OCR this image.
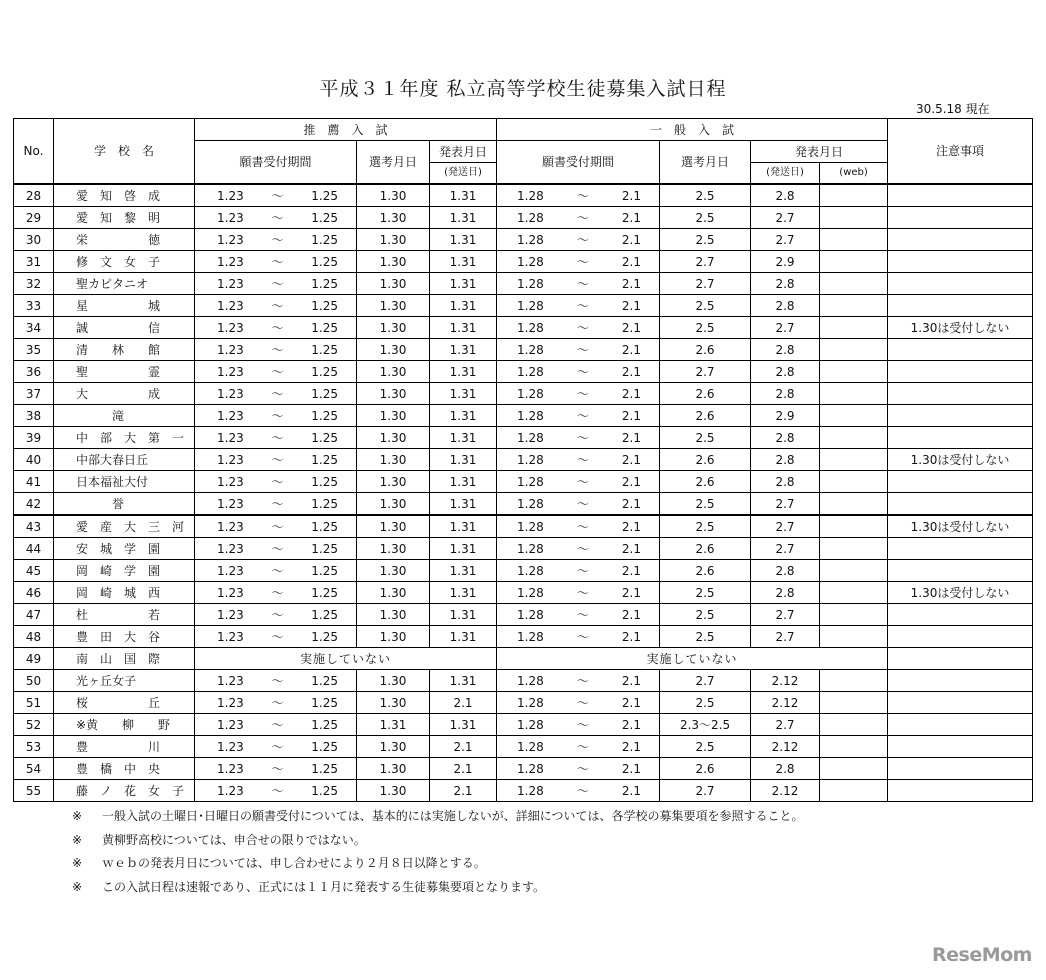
平成３１年度 私立高等学校生徒募集入試日程
30.5.18 現在
No.	学　校　名	推　薦　入　試			一　般　入　試				注意事項
		願書受付期間	選考月日	発表月日	願書受付期間	選考月日	発表月日		
				(発送日)			(発送日)	(web)	
28	愛　知　啓　成	1.23 ～ 1.25	1.30	1.31	1.28 ～ 2.1	2.5	2.8		
29	愛　知　黎　明	1.23 ～ 1.25	1.30	1.31	1.28 ～ 2.1	2.5	2.7		
30	栄　　　　　徳	1.23 ～ 1.25	1.30	1.31	1.28 ～ 2.1	2.5	2.7		
31	修　文　女　子	1.23 ～ 1.25	1.30	1.31	1.28 ～ 2.1	2.7	2.9		
32	聖カピタニオ	1.23 ～ 1.25	1.30	1.31	1.28 ～ 2.1	2.7	2.8		
33	星　　　　　城	1.23 ～ 1.25	1.30	1.31	1.28 ～ 2.1	2.5	2.8		
34	誠　　　　　信	1.23 ～ 1.25	1.30	1.31	1.28 ～ 2.1	2.5	2.7		1.30は受付しない
35	清　　林　　館	1.23 ～ 1.25	1.30	1.31	1.28 ～ 2.1	2.6	2.8		
36	聖　　　　　霊	1.23 ～ 1.25	1.30	1.31	1.28 ～ 2.1	2.7	2.8		
37	大　　　　　成	1.23 ～ 1.25	1.30	1.31	1.28 ～ 2.1	2.6	2.8		
38	　　　滝	1.23 ～ 1.25	1.30	1.31	1.28 ～ 2.1	2.6	2.9		
39	中　部　大　第　一	1.23 ～ 1.25	1.30	1.31	1.28 ～ 2.1	2.5	2.8		
40	中部大春日丘	1.23 ～ 1.25	1.30	1.31	1.28 ～ 2.1	2.6	2.8		1.30は受付しない
41	日本福祉大付	1.23 ～ 1.25	1.30	1.31	1.28 ～ 2.1	2.6	2.8		
42	　　　誉	1.23 ～ 1.25	1.30	1.31	1.28 ～ 2.1	2.5	2.7		
43	愛　産　大　三　河	1.23 ～ 1.25	1.30	1.31	1.28 ～ 2.1	2.5	2.7		1.30は受付しない
44	安　城　学　園	1.23 ～ 1.25	1.30	1.31	1.28 ～ 2.1	2.6	2.7		
45	岡　崎　学　園	1.23 ～ 1.25	1.30	1.31	1.28 ～ 2.1	2.6	2.8		
46	岡　崎　城　西	1.23 ～ 1.25	1.30	1.31	1.28 ～ 2.1	2.5	2.8		1.30は受付しない
47	杜　　　　　若	1.23 ～ 1.25	1.30	1.31	1.28 ～ 2.1	2.5	2.7		
48	豊　田　大　谷	1.23 ～ 1.25	1.30	1.31	1.28 ～ 2.1	2.5	2.7		
49	南　山　国　際	実施していない			実施していない				
50	光ヶ丘女子	1.23 ～ 1.25	1.30	1.31	1.28 ～ 2.1	2.7	2.12		
51	桜　　　　　丘	1.23 ～ 1.25	1.30	2.1	1.28 ～ 2.1	2.5	2.12		
52	※黄　　柳　　野	1.23 ～ 1.25	1.31	1.31	1.28 ～ 2.1	2.3～2.5	2.7		
53	豊　　　　　川	1.23 ～ 1.25	1.30	2.1	1.28 ～ 2.1	2.5	2.12		
54	豊　橋　中　央	1.23 ～ 1.25	1.30	2.1	1.28 ～ 2.1	2.6	2.8		
55	藤　ノ　花　女　子	1.23 ～ 1.25	1.30	2.1	1.28 ～ 2.1	2.7	2.12		
※ 一般入試の土曜日･日曜日の願書受付については、基本的には実施しないが、詳細については、各学校の募集要項を参照すること。
※ 黄柳野高校については、申合せの限りではない。
※ ｗｅｂの発表月日については、申し合わせにより２月８日以降とする。
※ この入試日程は速報であり、正式には１１月に発表する生徒募集要項となります。
ReseMom
